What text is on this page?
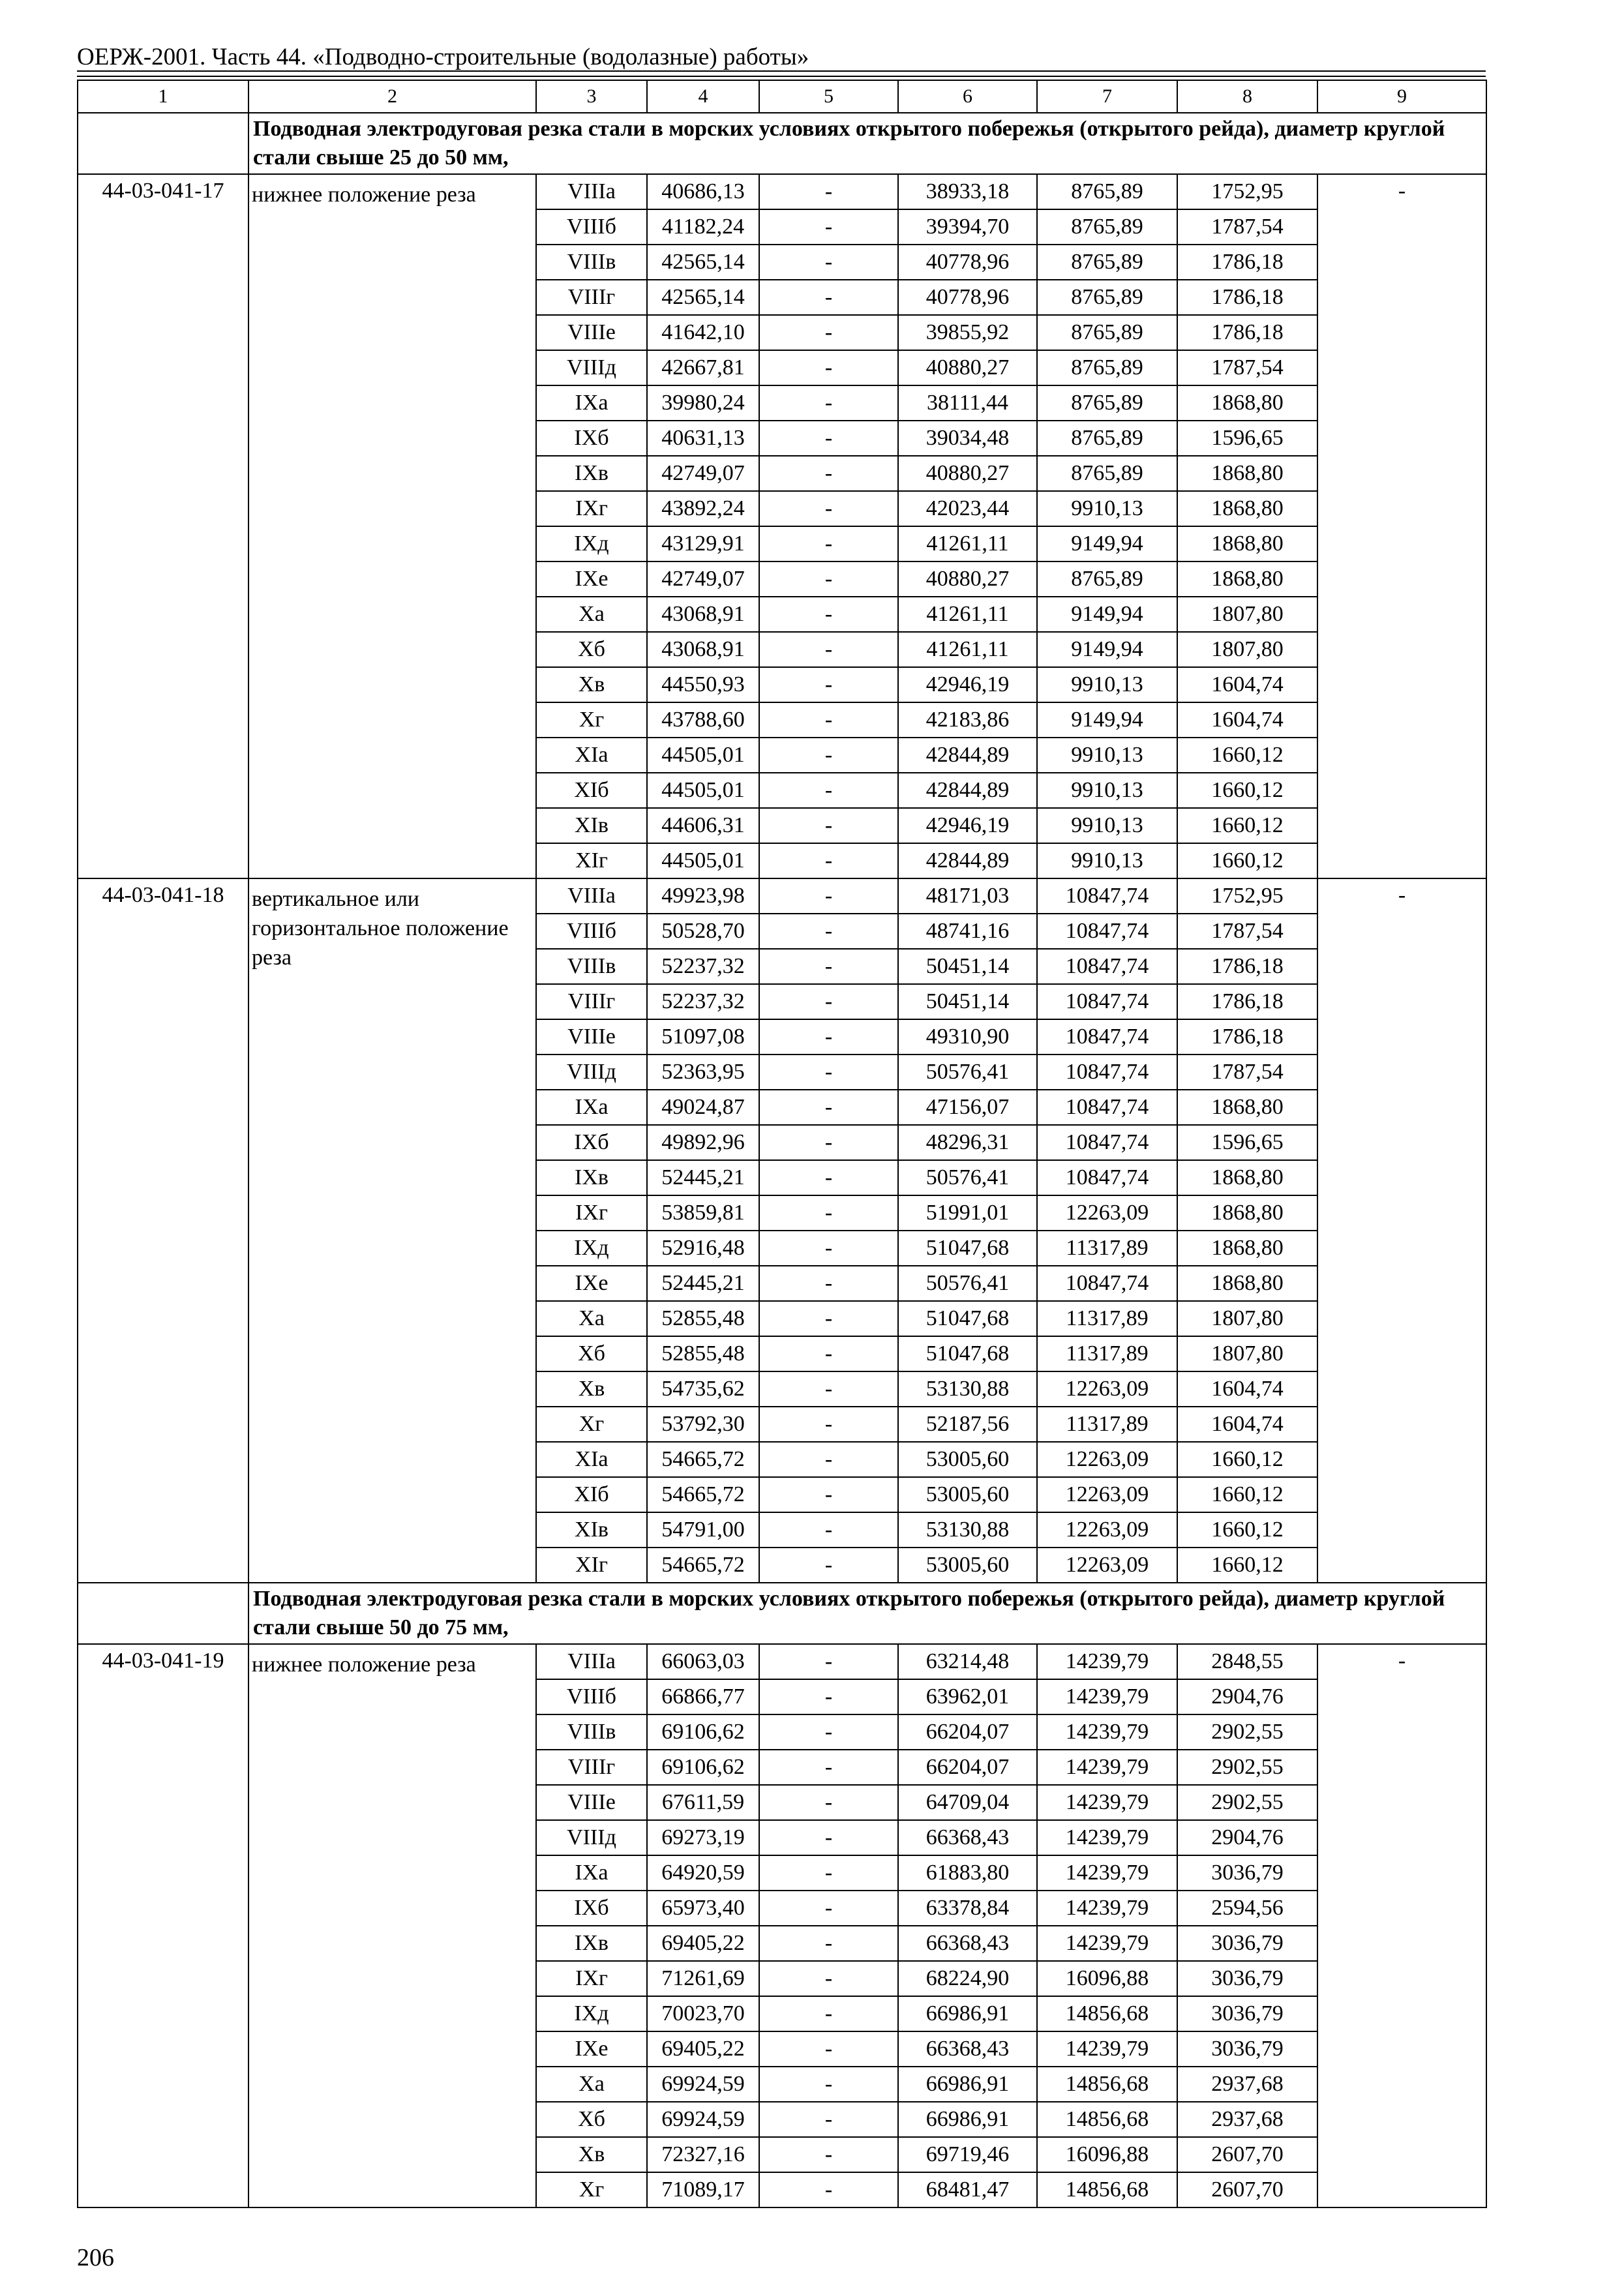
ОЕРЖ-2001. Часть 44. «Подводно-строительные (водолазные) работы»
1	2	3	4	5	6	7	8	9
	Подводная электродуговая резка стали в морских условиях открытого побережья (открытого рейда), диаметр круглой стали свыше 25 до 50 мм,							
44-03-041-17	нижнее положение реза	VIIIa	40686,13	-	38933,18	8765,89	1752,95	-
		VIIIб	41182,24	-	39394,70	8765,89	1787,54	
		VIIIв	42565,14	-	40778,96	8765,89	1786,18	
		VIIIг	42565,14	-	40778,96	8765,89	1786,18	
		VIIIе	41642,10	-	39855,92	8765,89	1786,18	
		VIIIд	42667,81	-	40880,27	8765,89	1787,54	
		IXa	39980,24	-	38111,44	8765,89	1868,80	
		IXб	40631,13	-	39034,48	8765,89	1596,65	
		IXв	42749,07	-	40880,27	8765,89	1868,80	
		IXг	43892,24	-	42023,44	9910,13	1868,80	
		IXд	43129,91	-	41261,11	9149,94	1868,80	
		IXе	42749,07	-	40880,27	8765,89	1868,80	
		Xa	43068,91	-	41261,11	9149,94	1807,80	
		Xб	43068,91	-	41261,11	9149,94	1807,80	
		Xв	44550,93	-	42946,19	9910,13	1604,74	
		Xг	43788,60	-	42183,86	9149,94	1604,74	
		XIa	44505,01	-	42844,89	9910,13	1660,12	
		XIб	44505,01	-	42844,89	9910,13	1660,12	
		XIв	44606,31	-	42946,19	9910,13	1660,12	
		XIг	44505,01	-	42844,89	9910,13	1660,12	
44-03-041-18	вертикальное или горизонтальное положение реза	VIIIa	49923,98	-	48171,03	10847,74	1752,95	-
		VIIIб	50528,70	-	48741,16	10847,74	1787,54	
		VIIIв	52237,32	-	50451,14	10847,74	1786,18	
		VIIIг	52237,32	-	50451,14	10847,74	1786,18	
		VIIIе	51097,08	-	49310,90	10847,74	1786,18	
		VIIIд	52363,95	-	50576,41	10847,74	1787,54	
		IXa	49024,87	-	47156,07	10847,74	1868,80	
		IXб	49892,96	-	48296,31	10847,74	1596,65	
		IXв	52445,21	-	50576,41	10847,74	1868,80	
		IXг	53859,81	-	51991,01	12263,09	1868,80	
		IXд	52916,48	-	51047,68	11317,89	1868,80	
		IXе	52445,21	-	50576,41	10847,74	1868,80	
		Xa	52855,48	-	51047,68	11317,89	1807,80	
		Xб	52855,48	-	51047,68	11317,89	1807,80	
		Xв	54735,62	-	53130,88	12263,09	1604,74	
		Xг	53792,30	-	52187,56	11317,89	1604,74	
		XIa	54665,72	-	53005,60	12263,09	1660,12	
		XIб	54665,72	-	53005,60	12263,09	1660,12	
		XIв	54791,00	-	53130,88	12263,09	1660,12	
		XIг	54665,72	-	53005,60	12263,09	1660,12	
	Подводная электродуговая резка стали в морских условиях открытого побережья (открытого рейда), диаметр круглой стали свыше 50 до 75 мм,							
44-03-041-19	нижнее положение реза	VIIIa	66063,03	-	63214,48	14239,79	2848,55	-
		VIIIб	66866,77	-	63962,01	14239,79	2904,76	
		VIIIв	69106,62	-	66204,07	14239,79	2902,55	
		VIIIг	69106,62	-	66204,07	14239,79	2902,55	
		VIIIе	67611,59	-	64709,04	14239,79	2902,55	
		VIIIд	69273,19	-	66368,43	14239,79	2904,76	
		IXa	64920,59	-	61883,80	14239,79	3036,79	
		IXб	65973,40	-	63378,84	14239,79	2594,56	
		IXв	69405,22	-	66368,43	14239,79	3036,79	
		IXг	71261,69	-	68224,90	16096,88	3036,79	
		IXд	70023,70	-	66986,91	14856,68	3036,79	
		IXе	69405,22	-	66368,43	14239,79	3036,79	
		Xa	69924,59	-	66986,91	14856,68	2937,68	
		Xб	69924,59	-	66986,91	14856,68	2937,68	
		Xв	72327,16	-	69719,46	16096,88	2607,70	
		Xг	71089,17	-	68481,47	14856,68	2607,70	
206
